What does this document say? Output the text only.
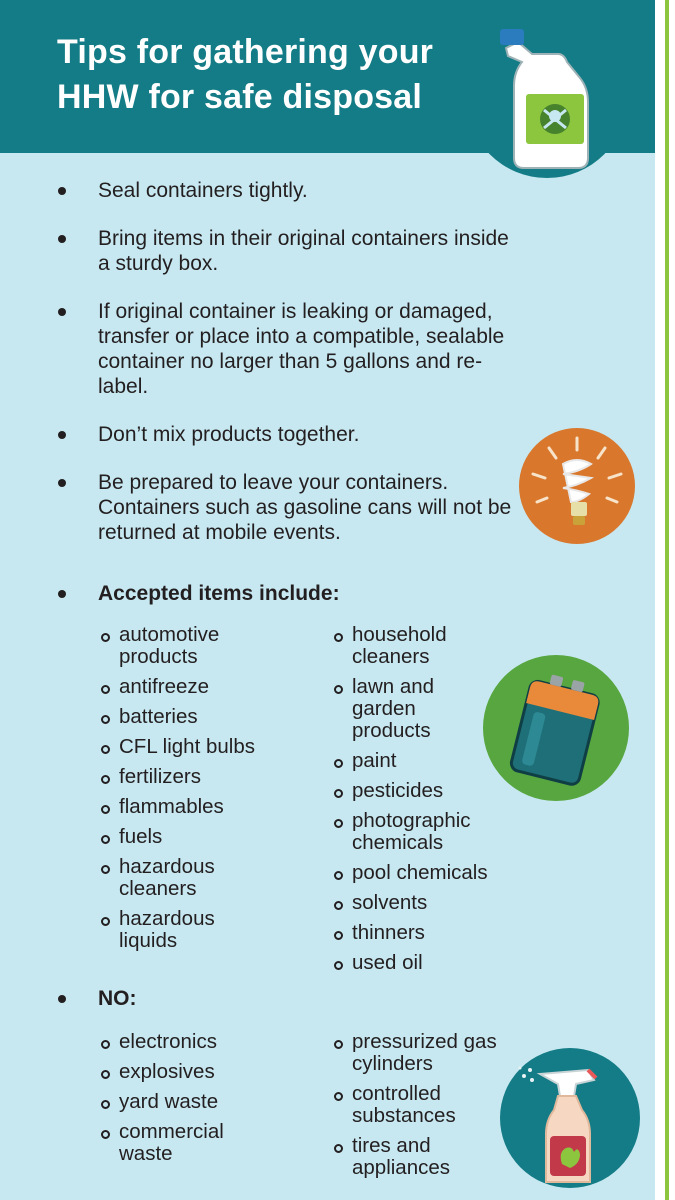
Tips for gathering your
HHW for safe disposal
Seal containers tightly.
Bring items in their original containers inside a sturdy box.
If original container is leaking or damaged, transfer or place into a compatible, sealable container no larger than 5 gallons and re-label.
Don’t mix products together.
Be prepared to leave your containers. Containers such as gasoline cans will not be returned at mobile events.
Accepted items include:
automotive products
antifreeze
batteries
CFL light bulbs
fertilizers
flammables
fuels
hazardous cleaners
hazardous liquids
household cleaners
lawn and garden products
paint
pesticides
photographic chemicals
pool chemicals
solvents
thinners
used oil
NO:
electronics
explosives
yard waste
commercial waste
pressurized gas cylinders
controlled substances
tires and appliances
